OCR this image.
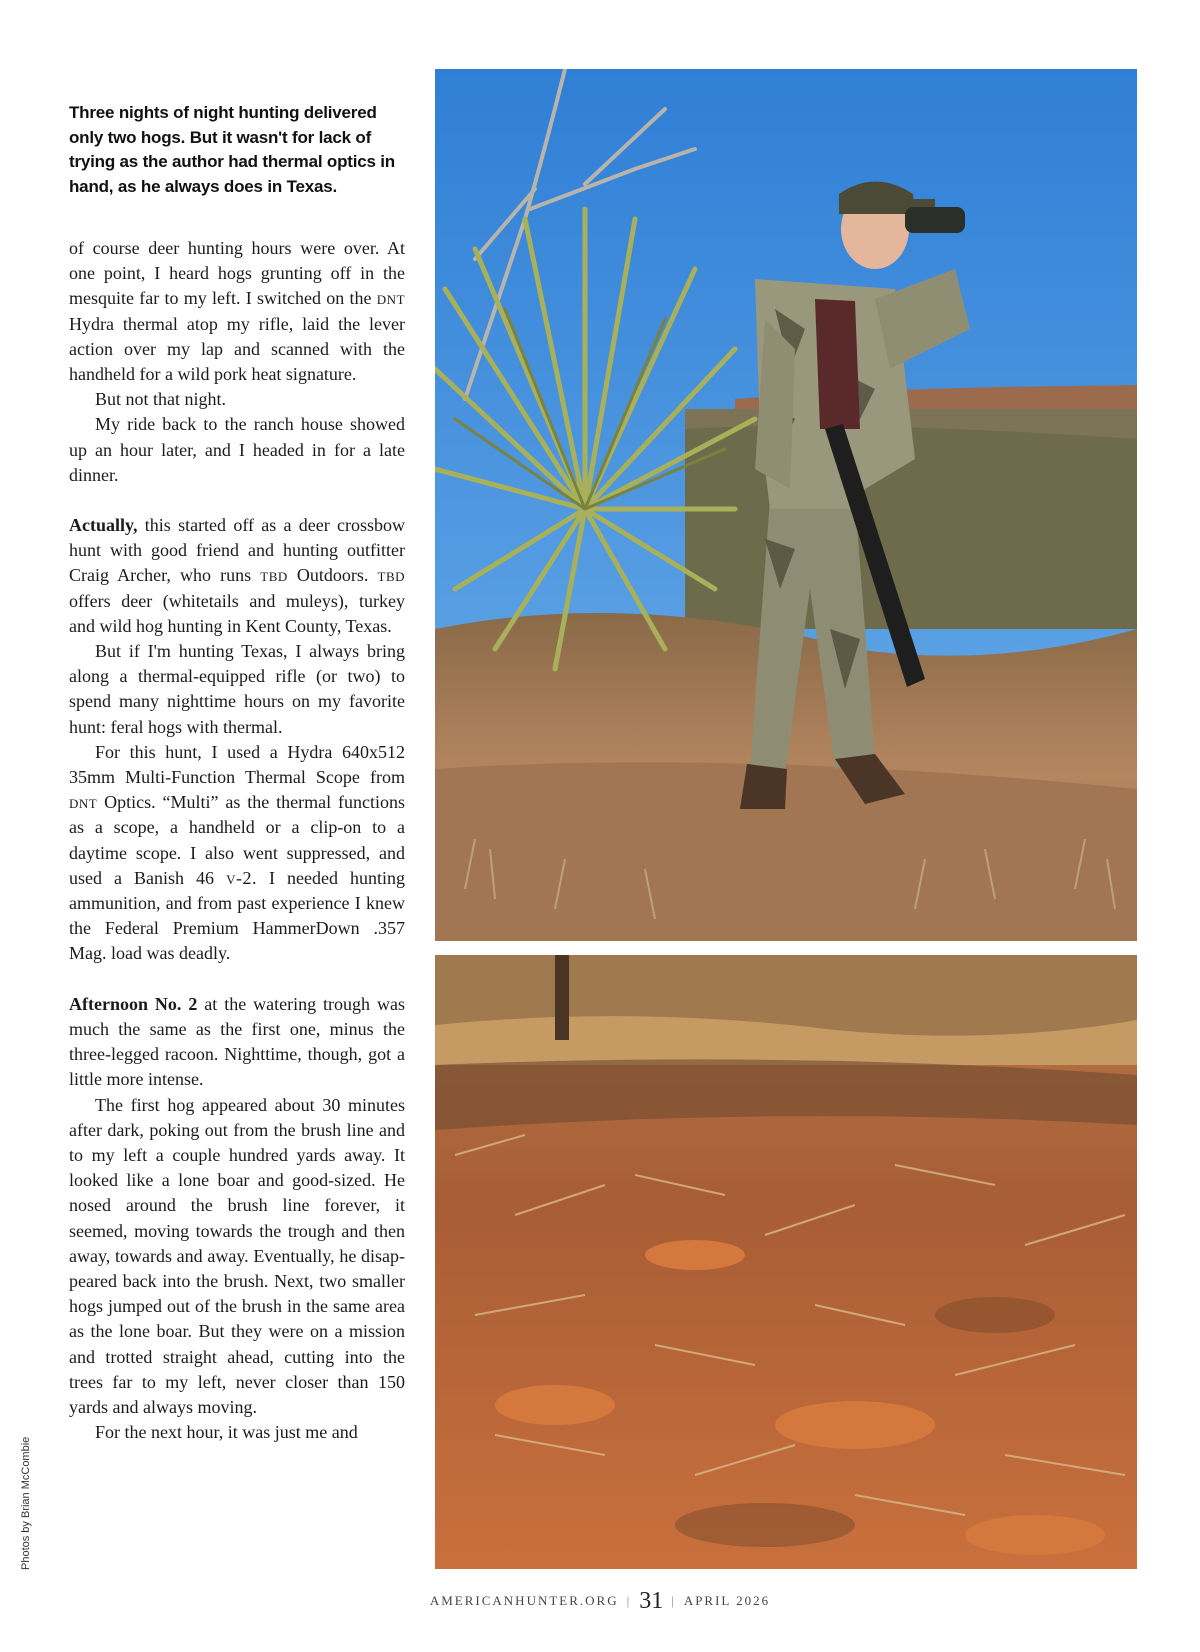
Three nights of night hunting delivered only two hogs. But it wasn't for lack of trying as the author had thermal optics in hand, as he always does in Texas.

of course deer hunting hours were over. At one point, I heard hogs grunting off in the mesquite far to my left. I switched on the dnt Hydra thermal atop my rifle, laid the lever action over my lap and scanned with the handheld for a wild pork heat signature.

But not that night.

My ride back to the ranch house showed up an hour later, and I headed in for a late dinner.

Actually, this started off as a deer crossbow hunt with good friend and hunting outfitter Craig Archer, who runs tbd Outdoors. tbd offers deer (whitetails and muleys), turkey and wild hog hunting in Kent County, Texas.

But if I'm hunting Texas, I always bring along a thermal-equipped rifle (or two) to spend many nighttime hours on my favorite hunt: feral hogs with thermal.

For this hunt, I used a Hydra 640x512 35mm Multi-Function Thermal Scope from dnt Optics. “Multi” as the thermal functions as a scope, a handheld or a clip-on to a daytime scope. I also went suppressed, and used a Banish 46 v-2. I needed hunting ammunition, and from past experience I knew the Federal Premium HammerDown .357 Mag. load was deadly.

Afternoon No. 2 at the watering trough was much the same as the first one, minus the three-legged racoon. Nighttime, though, got a little more intense.

The first hog appeared about 30 minutes after dark, poking out from the brush line and to my left a couple hundred yards away. It looked like a lone boar and good-sized. He nosed around the brush line forever, it seemed, moving towards the trough and then away, towards and away. Eventually, he disappeared back into the brush. Next, two smaller hogs jumped out of the brush in the same area as the lone boar. But they were on a mission and trotted straight ahead, cutting into the trees far to my left, never closer than 150 yards and always moving.

For the next hour, it was just me and

Photos by Brian McCombie
AMERICANHUNTER.ORG | 31 | APRIL 2026
